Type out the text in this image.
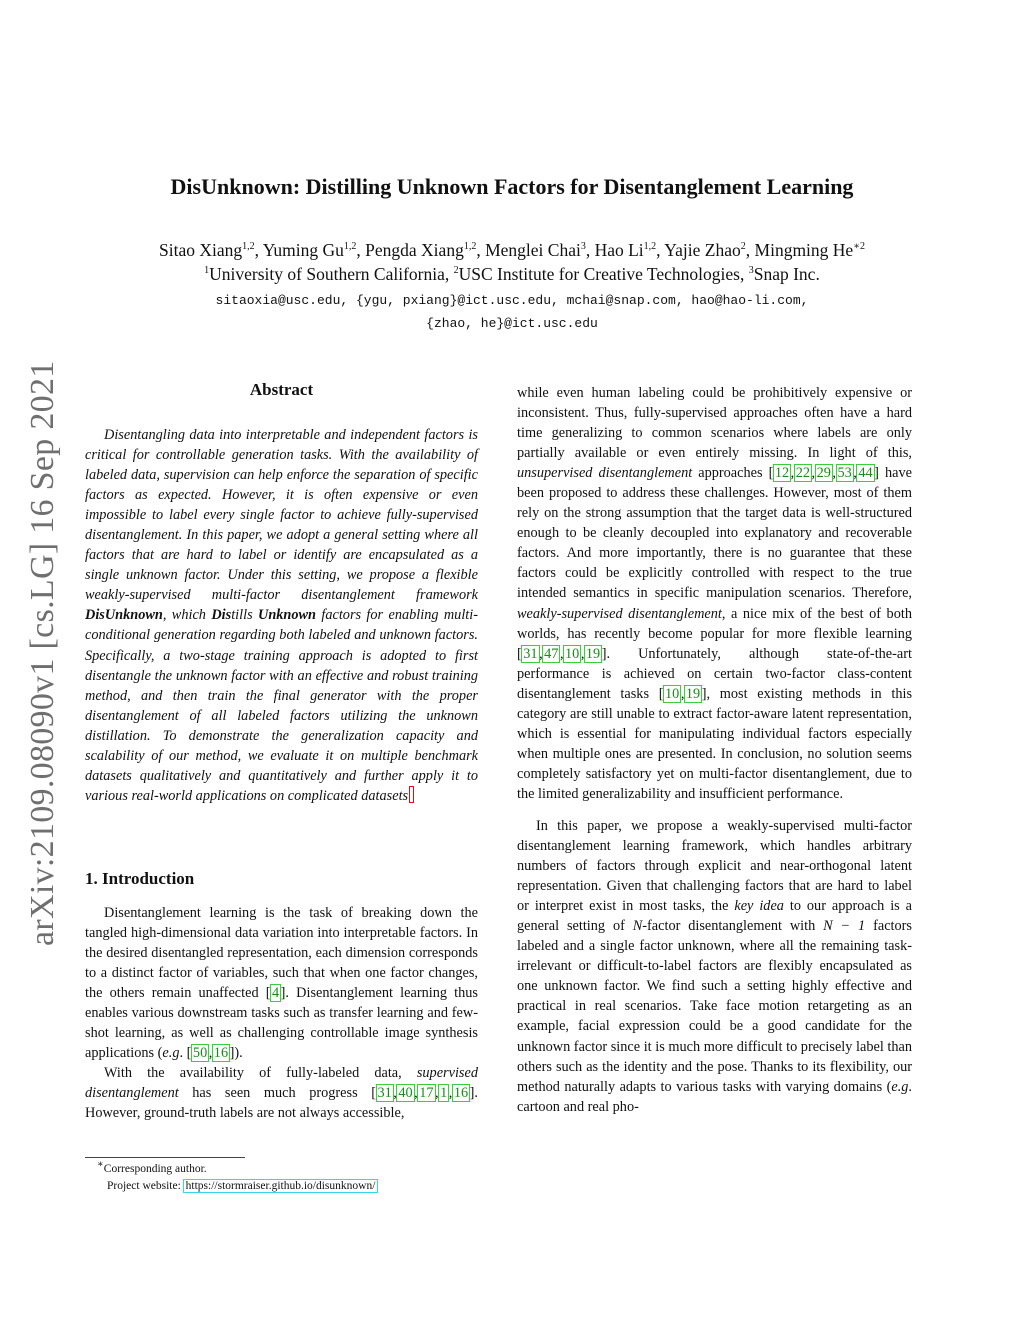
arXiv:2109.08090v1 [cs.LG] 16 Sep 2021
DisUnknown: Distilling Unknown Factors for Disentanglement Learning
Sitao Xiang$^{1,2}$, Yuming Gu$^{1,2}$, Pengda Xiang$^{1,2}$, Menglei Chai$^3$, Hao Li$^{1,2}$, Yajie Zhao$^2$, Mingming $He^{∗2}$
$^1$University of Southern California, $^2$USC Institute for Creative Technologies, $^3$Snap Inc.
sitaoxia@usc.edu, {ygu, pxiang}@ict.usc.edu, mchai@snap.com, hao@hao-li.com,
{zhao, he}@ict.usc.edu
Abstract

Disentangling data into interpretable and independent factors is critical for controllable generation tasks. With the availability of labeled data, supervision can help enforce the separation of specific factors as expected. However, it is often expensive or even impossible to label every single factor to achieve fully-supervised disentanglement. In this paper, we adopt a general setting where all factors that are hard to label or identify are encapsulated as a single unknown factor. Under this setting, we propose a flexible weakly-supervised multi-factor disentanglement framework DisUnknown, which Distills Unknown factors for enabling multi-conditional generation regarding both labeled and unknown factors. Specifically, a two-stage training approach is adopted to first disentangle the unknown factor with an effective and robust training method, and then train the final generator with the proper disentanglement of all labeled factors utilizing the unknown distillation. To demonstrate the generalization capacity and scalability of our method, we evaluate it on multiple benchmark datasets qualitatively and quantitatively and further apply it to various real-world applications on complicated datasets

1. Introduction

Disentanglement learning is the task of breaking down the tangled high-dimensional data variation into interpretable factors. In the desired disentangled representation, each dimension corresponds to a distinct factor of variables, such that when one factor changes, the others remain unaffected [ 4 ]. Disentanglement learning thus enables various downstream tasks such as transfer learning and few-shot learning, as well as challenging controllable image synthesis applications (e.g. [ 50 , 16 ]).

With the availability of fully-labeled data, supervised disentanglement has seen much progress [ 31 , 40 , 17 , 1 , 16 ]. However, ground-truth labels are not always accessible,

∗Corresponding author.
Project website: https://stormraiser.github.io/disunknown/

while even human labeling could be prohibitively expensive or inconsistent. Thus, fully-supervised approaches often have a hard time generalizing to common scenarios where labels are only partially available or even entirely missing. In light of this, unsupervised disentanglement approaches [ 12 , 22 , 29 , 53 , 44 ] have been proposed to address these challenges. However, most of them rely on the strong assumption that the target data is well-structured enough to be cleanly decoupled into explanatory and recoverable factors. And more importantly, there is no guarantee that these factors could be explicitly controlled with respect to the true intended semantics in specific manipulation scenarios. Therefore, weakly-supervised disentanglement, a nice mix of the best of both worlds, has recently become popular for more flexible learning [ 31 , 47 , 10 , 19 ]. Unfortunately, although state-of-the-art performance is achieved on certain two-factor class-content disentanglement tasks [ 10 , 19 ], most existing methods in this category are still unable to extract factor-aware latent representation, which is essential for manipulating individual factors especially when multiple ones are presented. In conclusion, no solution seems completely satisfactory yet on multi-factor disentanglement, due to the limited generalizability and insufficient performance.

In this paper, we propose a weakly-supervised multi-factor disentanglement learning framework, which handles arbitrary numbers of factors through explicit and near-orthogonal latent representation. Given that challenging factors that are hard to label or interpret exist in most tasks, the key idea to our approach is a general setting of N-factor disentanglement with N − 1 factors labeled and a single factor unknown, where all the remaining task-irrelevant or difficult-to-label factors are flexibly encapsulated as one unknown factor. We find such a setting highly effective and practical in real scenarios. Take face motion retargeting as an example, facial expression could be a good candidate for the unknown factor since it is much more difficult to precisely label than others such as the identity and the pose. Thanks to its flexibility, our method naturally adapts to various tasks with varying domains (e.g. cartoon and real pho-
